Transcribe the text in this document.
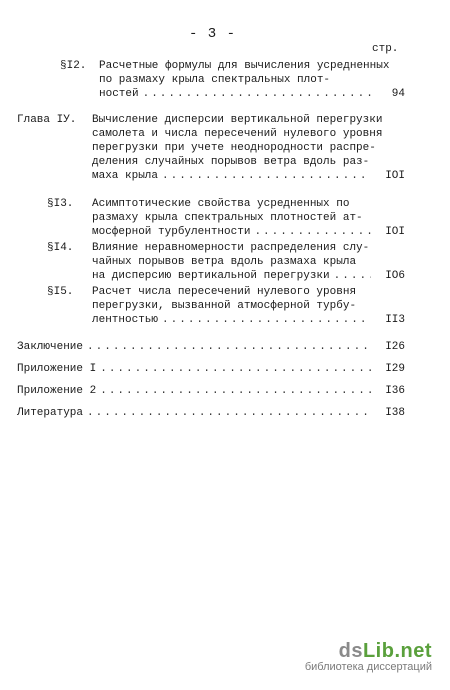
- 3 -
стр.
§I2. Расчетные формулы для вычисления усредненных
по размаху крыла спектральных плот-
ностей .....	94
Глава IУ. Вычисление дисперсии вертикальной перегрузки
самолета и числа пересечений нулевого уровня
перегрузки при учете неоднородности распре-
деления случайных порывов ветра вдоль раз-
маха крыла .....	IOI
§I3. Асимптотические свойства усредненных по
размаху крыла спектральных плотностей ат-
мосферной турбулентности .....	IOI
§I4. Влияние неравномерности распределения слу-
чайных порывов ветра вдоль размаха крыла
на дисперсию вертикальной перегрузки .....	IO6
§I5. Расчет числа пересечений нулевого уровня
перегрузки, вызванной атмосферной турбу-
лентностью .....	II3
Заключение .....	I26
Приложение I .....	I29
Приложение 2 .....	I36
Литература .....	I38
dsLib.net
библиотека диссертаций
